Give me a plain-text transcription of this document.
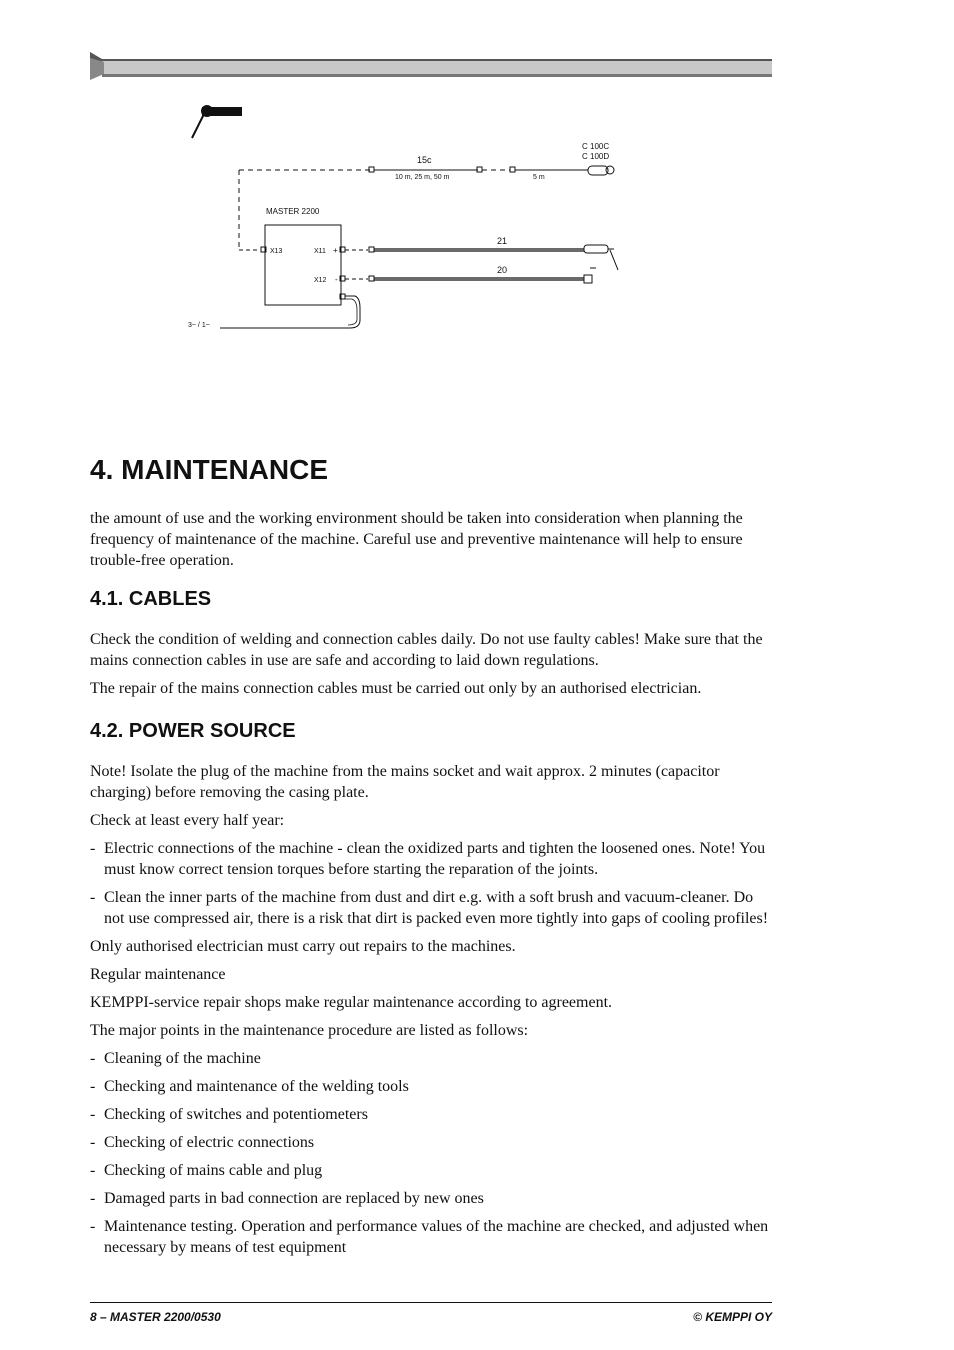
15c
10 m, 25 m, 50 m	5 m
C 100C
C 100D
MASTER 2200
X13	X11 +
X12 -
21
20
3~ / 1~
4. MAINTENANCE

the amount of use and the working environment should be taken into consideration when planning the frequency of maintenance of the machine. Careful use and preventive maintenance will help to ensure trouble-free operation.

4.1. CABLES

Check the condition of welding and connection cables daily. Do not use faulty cables! Make sure that the mains connection cables in use are safe and according to laid down regulations.

The repair of the mains connection cables must be carried out only by an authorised electrician.

4.2. POWER SOURCE

Note! Isolate the plug of the machine from the mains socket and wait approx. 2 minutes (capacitor charging) before removing the casing plate.

Check at least every half year:

- Electric connections of the machine - clean the oxidized parts and tighten the loosened ones. Note! You must know correct tension torques before starting the reparation of the joints.
- Clean the inner parts of the machine from dust and dirt e.g. with a soft brush and vacuum-cleaner. Do not use compressed air, there is a risk that dirt is packed even more tightly into gaps of cooling profiles!

Only authorised electrician must carry out repairs to the machines.

Regular maintenance

KEMPPI-service repair shops make regular maintenance according to agreement.

The major points in the maintenance procedure are listed as follows:

- Cleaning of the machine
- Checking and maintenance of the welding tools
- Checking of switches and potentiometers
- Checking of electric connections
- Checking of mains cable and plug
- Damaged parts in bad connection are replaced by new ones
- Maintenance testing. Operation and performance values of the machine are checked, and adjusted when necessary by means of test equipment
8 – MASTER 2200/0530	© KEMPPI OY
